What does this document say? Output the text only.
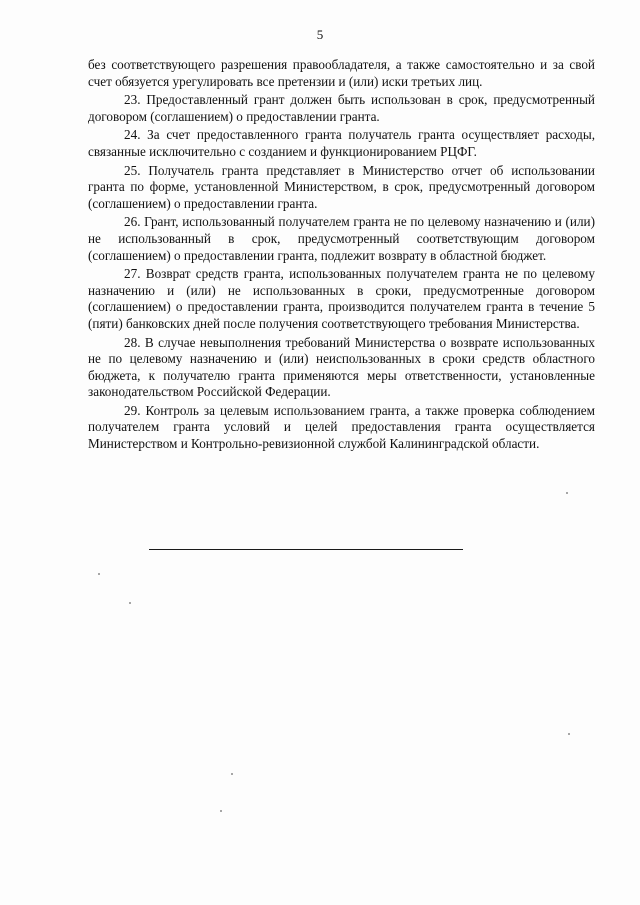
5

без соответствующего разрешения правообладателя, а также самостоятельно и за свой счет обязуется урегулировать все претензии и (или) иски третьих лиц.

23. Предоставленный грант должен быть использован в срок, предусмотренный договором (соглашением) о предоставлении гранта.

24. За счет предоставленного гранта получатель гранта осуществляет расходы, связанные исключительно с созданием и функционированием РЦФГ.

25. Получатель гранта представляет в Министерство отчет об использовании гранта по форме, установленной Министерством, в срок, предусмотренный договором (соглашением) о предоставлении гранта.

26. Грант, использованный получателем гранта не по целевому назначению и (или) не использованный в срок, предусмотренный соответствующим договором (соглашением) о предоставлении гранта, подлежит возврату в областной бюджет.

27. Возврат средств гранта, использованных получателем гранта не по целевому назначению и (или) не использованных в сроки, предусмотренные договором (соглашением) о предоставлении гранта, производится получателем гранта в течение 5 (пяти) банковских дней после получения соответствующего требования Министерства.

28. В случае невыполнения требований Министерства о возврате использованных не по целевому назначению и (или) неиспользованных в сроки средств областного бюджета, к получателю гранта применяются меры ответственности, установленные законодательством Российской Федерации.

29. Контроль за целевым использованием гранта, а также проверка соблюдением получателем гранта условий и целей предоставления гранта осуществляется Министерством и Контрольно-ревизионной службой Калининградской области.
